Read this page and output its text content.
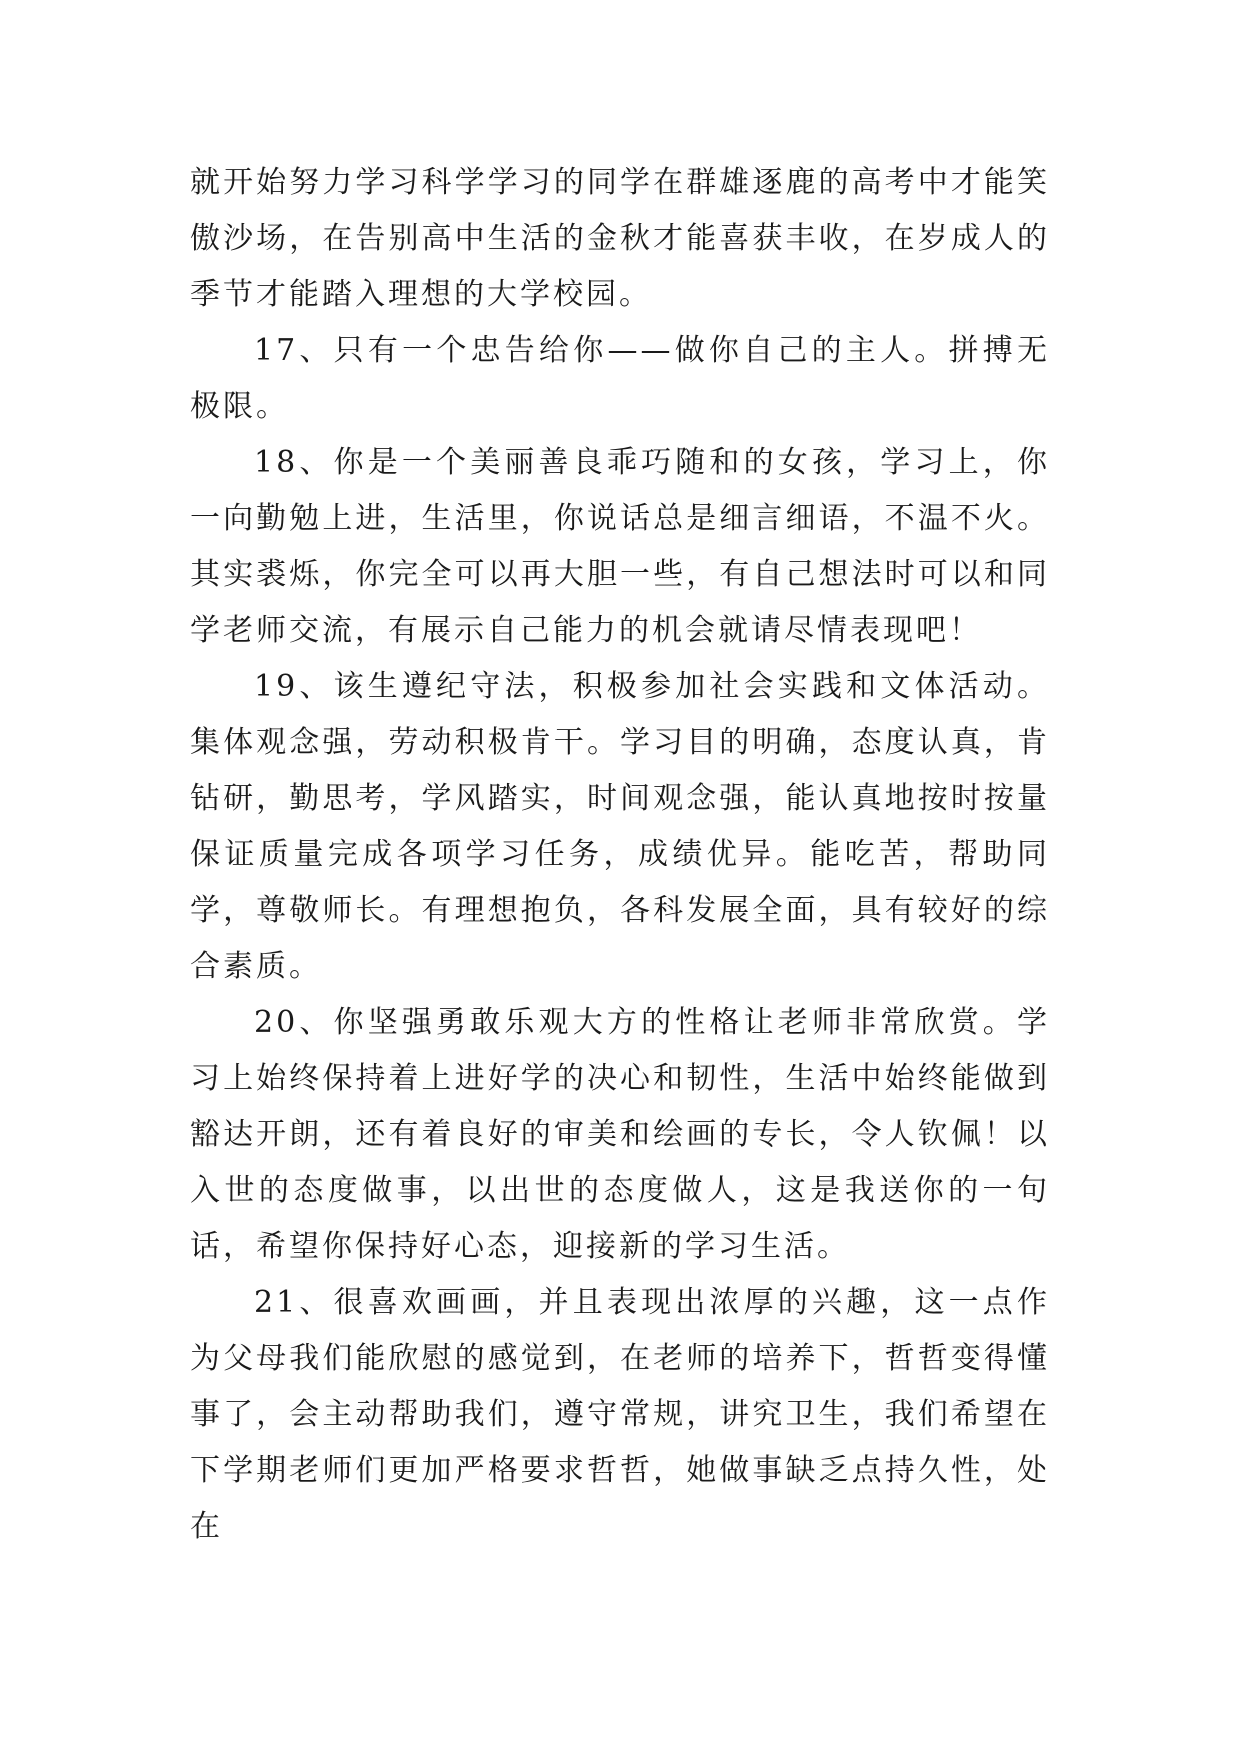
就开始努力学习科学学习的同学在群雄逐鹿的高考中才能笑傲沙场，在告别高中生活的金秋才能喜获丰收，在岁成人的季节才能踏入理想的大学校园。

17、只有一个忠告给你——做你自己的主人。拼搏无极限。

18、你是一个美丽善良乖巧随和的女孩，学习上，你一向勤勉上进，生活里，你说话总是细言细语，不温不火。其实裘烁，你完全可以再大胆一些，有自己想法时可以和同学老师交流，有展示自己能力的机会就请尽情表现吧！

19、该生遵纪守法，积极参加社会实践和文体活动。集体观念强，劳动积极肯干。学习目的明确，态度认真，肯钻研，勤思考，学风踏实，时间观念强，能认真地按时按量保证质量完成各项学习任务，成绩优异。能吃苦，帮助同学，尊敬师长。有理想抱负，各科发展全面，具有较好的综合素质。

20、你坚强勇敢乐观大方的性格让老师非常欣赏。学习上始终保持着上进好学的决心和韧性，生活中始终能做到豁达开朗，还有着良好的审美和绘画的专长，令人钦佩！以入世的态度做事，以出世的态度做人，这是我送你的一句话，希望你保持好心态，迎接新的学习生活。

21、很喜欢画画，并且表现出浓厚的兴趣，这一点作为父母我们能欣慰的感觉到，在老师的培养下，哲哲变得懂事了，会主动帮助我们，遵守常规，讲究卫生，我们希望在下学期老师们更加严格要求哲哲，她做事缺乏点持久性，处在
